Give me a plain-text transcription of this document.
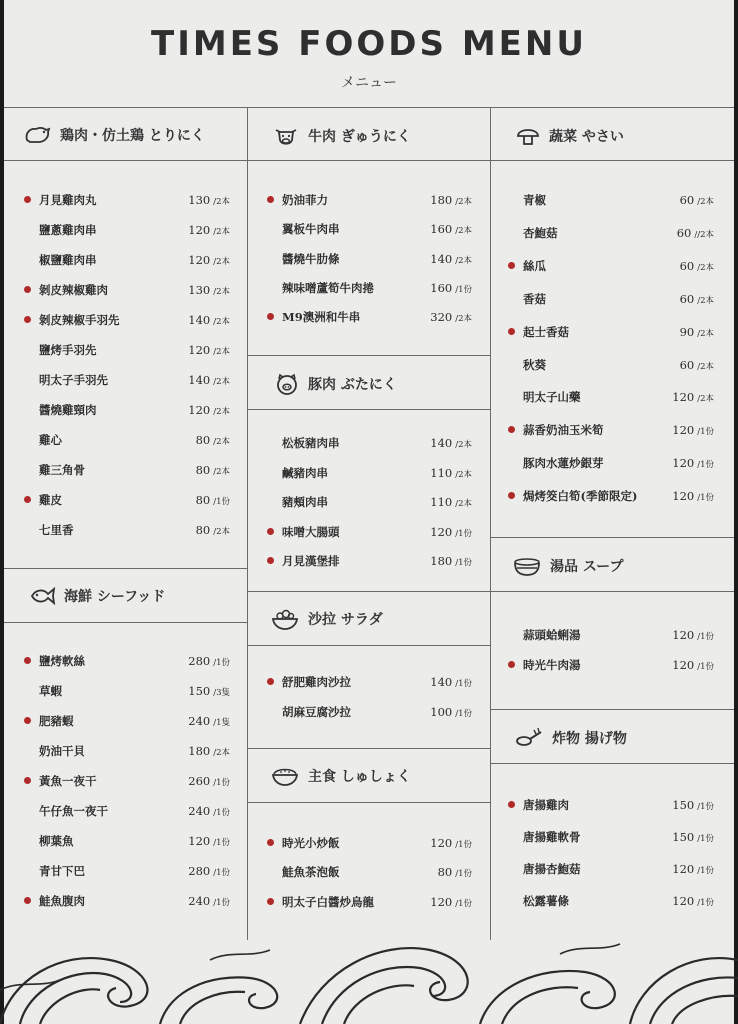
TIMES FOODS MENU
メニュー
鶏肉・仿土鶏 とりにく
海鮮 シーフッド
牛肉 ぎゅうにく
豚肉 ぶたにく
沙拉 サラダ
主食 しゅしょく
蔬菜 やさい
湯品 スープ
炸物 揚げ物
月見雞肉丸	130 /2本
鹽蔥雞肉串	120 /2本
椒鹽雞肉串	120 /2本
剝皮辣椒雞肉	130 /2本
剝皮辣椒手羽先	140 /2本
鹽烤手羽先	120 /2本
明太子手羽先	140 /2本
醬燒雞頸肉	120 /2本
雞心	80 /2本
雞三角骨	80 /2本
雞皮	80 /1份
七里香	80 /2本
鹽烤軟絲	280 /1份
草蝦	150 /3隻
肥豬蝦	240 /1隻
奶油干貝	180 /2本
黃魚一夜干	260 /1份
午仔魚一夜干	240 /1份
柳葉魚	120 /1份
青甘下巴	280 /1份
鮭魚腹肉	240 /1份
奶油菲力	180 /2本
翼板牛肉串	160 /2本
醬燒牛肋條	140 /2本
辣味噌蘆筍牛肉捲	160 /1份
M9澳洲和牛串	320 /2本
松板豬肉串	140 /2本
鹹豬肉串	110 /2本
豬頰肉串	110 /2本
味噌大腸頭	120 /1份
月見漢堡排	180 /1份
舒肥雞肉沙拉	140 /1份
胡麻豆腐沙拉	100 /1份
時光小炒飯	120 /1份
鮭魚茶泡飯	80 /1份
明太子白醬炒烏龍	120 /1份
青椒	60 /2本
杏鮑菇	60 //2本
絲瓜	60 /2本
香菇	60 /2本
起士香菇	90 /2本
秋葵	60 /2本
明太子山藥	120 /2本
蒜香奶油玉米筍	120 /1份
豚肉水蓮炒銀芽	120 /1份
焗烤筊白筍(季節限定)	120 /1份
蒜頭蛤蜊湯	120 /1份
時光牛肉湯	120 /1份
唐揚雞肉	150 /1份
唐揚雞軟骨	150 /1份
唐揚杏鮑菇	120 /1份
松露薯條	120 /1份
